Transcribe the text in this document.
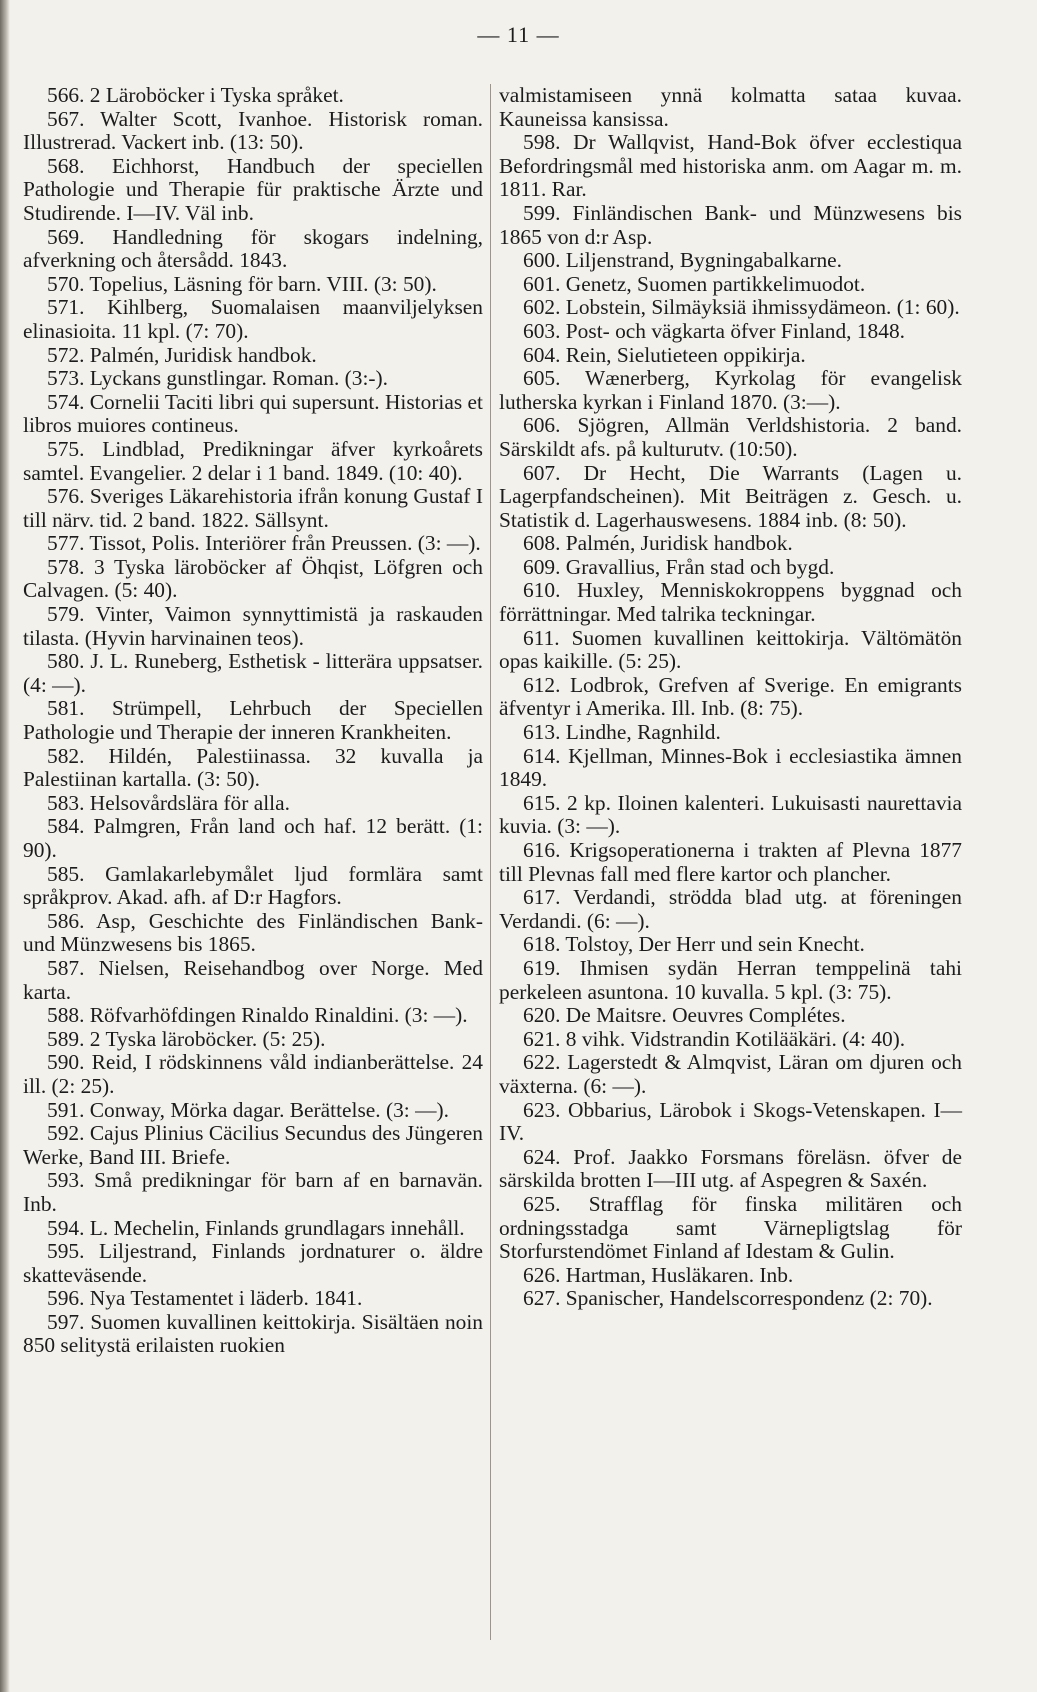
— 11 —

566. 2 Läroböcker i Tyska språket.

567. Walter Scott, Ivanhoe. Historisk roman. Illustrerad. Vackert inb. (13: 50).

568. Eichhorst, Handbuch der speciellen Pathologie und Therapie für praktische Ärzte und Studirende. I—IV. Väl inb.

569. Handledning för skogars indelning, afverkning och återsådd. 1843.

570. Topelius, Läsning för barn. VIII. (3: 50).

571. Kihlberg, Suomalaisen maanviljelyksen elinasioita. 11 kpl. (7: 70).

572. Palmén, Juridisk handbok.

573. Lyckans gunstlingar. Roman. (3:-).

574. Cornelii Taciti libri qui supersunt. Historias et libros muiores contineus.

575. Lindblad, Predikningar äfver kyrkoårets samtel. Evangelier. 2 delar i 1 band. 1849. (10: 40).

576. Sveriges Läkarehistoria ifrån konung Gustaf I till närv. tid. 2 band. 1822. Sällsynt.

577. Tissot, Polis. Interiörer från Preussen. (3: —).

578. 3 Tyska läroböcker af Öhqist, Löfgren och Calvagen. (5: 40).

579. Vinter, Vaimon synnyttimistä ja raskauden tilasta. (Hyvin harvinainen teos).

580. J. L. Runeberg, Esthetisk - litterära uppsatser. (4: —).

581. Strümpell, Lehrbuch der Speciellen Pathologie und Therapie der inneren Krankheiten.

582. Hildén, Palestiinassa. 32 kuvalla ja Palestiinan kartalla. (3: 50).

583. Helsovårdslära för alla.

584. Palmgren, Från land och haf. 12 berätt. (1: 90).

585. Gamlakarlebymålet ljud formlära samt språkprov. Akad. afh. af D:r Hagfors.

586. Asp, Geschichte des Finländischen Bank- und Münzwesens bis 1865.

587. Nielsen, Reisehandbog over Norge. Med karta.

588. Röfvarhöfdingen Rinaldo Rinaldini. (3: —).

589. 2 Tyska läroböcker. (5: 25).

590. Reid, I rödskinnens våld indianberättelse. 24 ill. (2: 25).

591. Conway, Mörka dagar. Berättelse. (3: —).

592. Cajus Plinius Cäcilius Secundus des Jüngeren Werke, Band III. Briefe.

593. Små predikningar för barn af en barnavän. Inb.

594. L. Mechelin, Finlands grundlagars innehåll.

595. Liljestrand, Finlands jordnaturer o. äldre skatteväsende.

596. Nya Testamentet i läderb. 1841.

597. Suomen kuvallinen keittokirja. Sisältäen noin 850 selitystä erilaisten ruokien

valmistamiseen ynnä kolmatta sataa kuvaa. Kauneissa kansissa.

598. Dr Wallqvist, Hand-Bok öfver ecclestiqua Befordringsmål med historiska anm. om Aagar m. m. 1811. Rar.

599. Finländischen Bank- und Münzwesens bis 1865 von d:r Asp.

600. Liljenstrand, Bygningabalkarne.

601. Genetz, Suomen partikkelimuodot.

602. Lobstein, Silmäyksiä ihmissydämeon. (1: 60).

603. Post- och vägkarta öfver Finland, 1848.

604. Rein, Sielutieteen oppikirja.

605. Wænerberg, Kyrkolag för evangelisk lutherska kyrkan i Finland 1870. (3:—).

606. Sjögren, Allmän Verldshistoria. 2 band. Särskildt afs. på kulturutv. (10:50).

607. Dr Hecht, Die Warrants (Lagen u. Lagerpfandscheinen). Mit Beiträgen z. Gesch. u. Statistik d. Lagerhauswesens. 1884 inb. (8: 50).

608. Palmén, Juridisk handbok.

609. Gravallius, Från stad och bygd.

610. Huxley, Menniskokroppens byggnad och förrättningar. Med talrika teckningar.

611. Suomen kuvallinen keittokirja. Vältömätön opas kaikille. (5: 25).

612. Lodbrok, Grefven af Sverige. En emigrants äfventyr i Amerika. Ill. Inb. (8: 75).

613. Lindhe, Ragnhild.

614. Kjellman, Minnes-Bok i ecclesiastika ämnen 1849.

615. 2 kp. Iloinen kalenteri. Lukuisasti naurettavia kuvia. (3: —).

616. Krigsoperationerna i trakten af Plevna 1877 till Plevnas fall med flere kartor och plancher.

617. Verdandi, strödda blad utg. at föreningen Verdandi. (6: —).

618. Tolstoy, Der Herr und sein Knecht.

619. Ihmisen sydän Herran temppelinä tahi perkeleen asuntona. 10 kuvalla. 5 kpl. (3: 75).

620. De Maitsre. Oeuvres Complétes.

621. 8 vihk. Vidstrandin Kotilääkäri. (4: 40).

622. Lagerstedt & Almqvist, Läran om djuren och växterna. (6: —).

623. Obbarius, Lärobok i Skogs-Vetenskapen. I—IV.

624. Prof. Jaakko Forsmans föreläsn. öfver de särskilda brotten I—III utg. af Aspegren & Saxén.

625. Strafflag för finska militären och ordningsstadga samt Värnepligtslag för Storfurstendömet Finland af Idestam & Gulin.

626. Hartman, Husläkaren. Inb.

627. Spanischer, Handelscorrespondenz (2: 70).
